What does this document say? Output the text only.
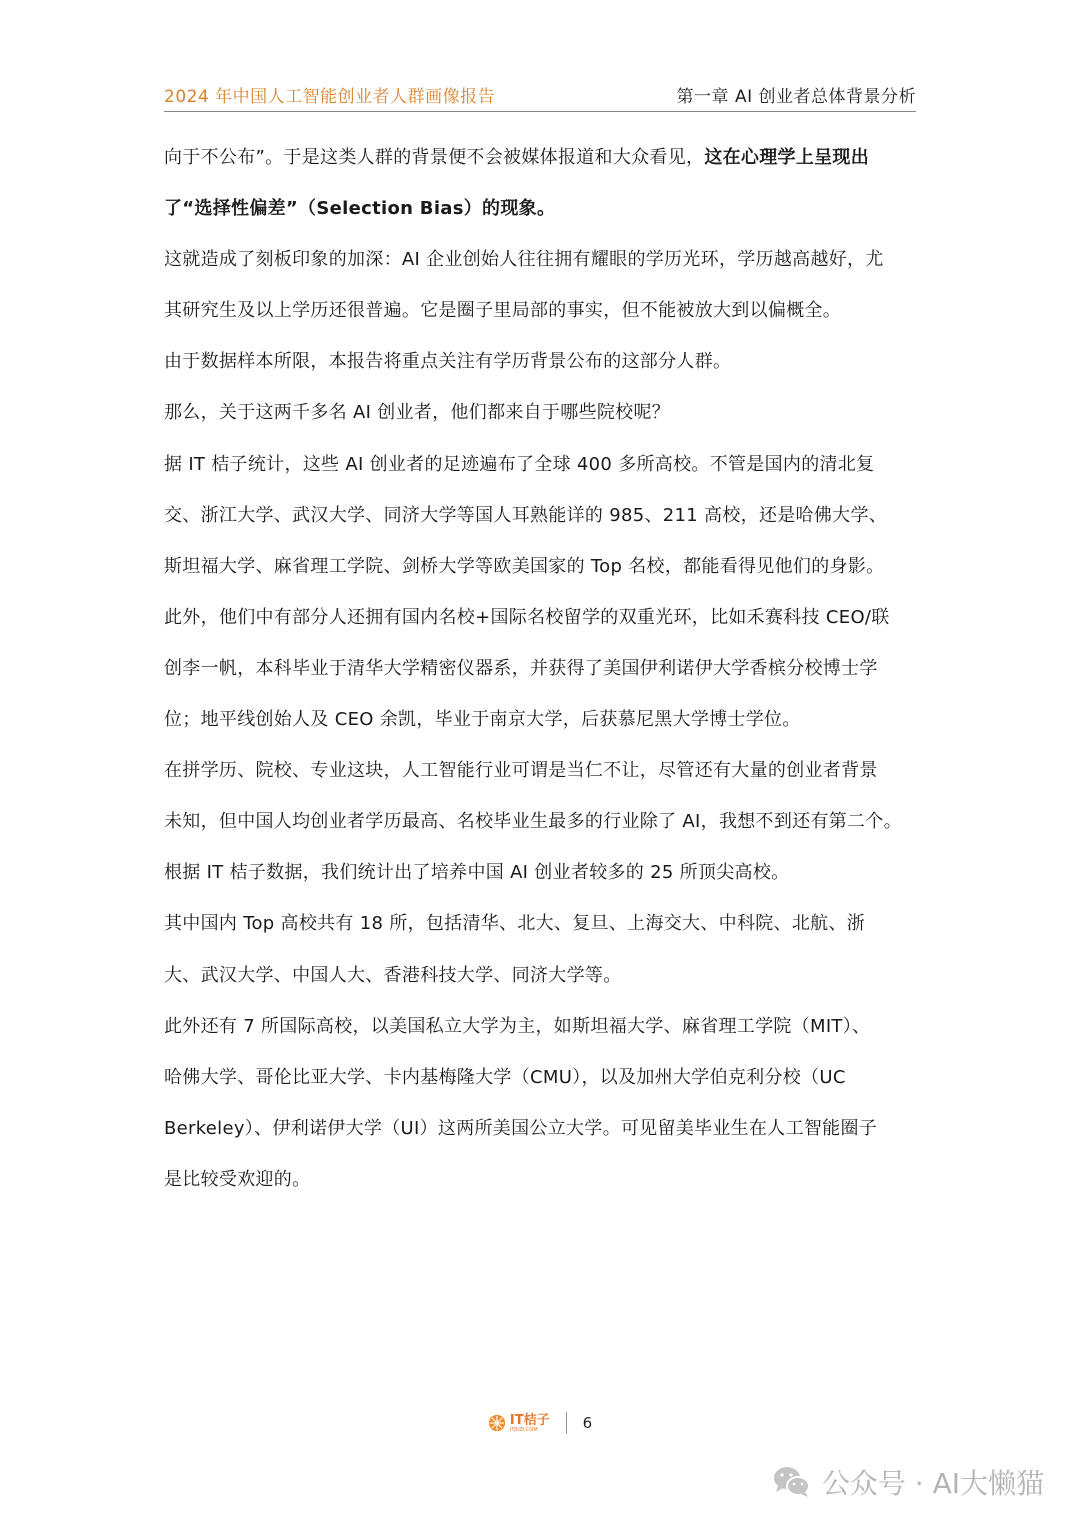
2024 年中国人工智能创业者人群画像报告	第一章 AI 创业者总体背景分析
向于不公布”。于是这类人群的背景便不会被媒体报道和大众看见，这在心理学上呈现出
了“选择性偏差”（Selection Bias）的现象。
这就造成了刻板印象的加深：AI 企业创始人往往拥有耀眼的学历光环，学历越高越好，尤
其研究生及以上学历还很普遍。它是圈子里局部的事实，但不能被放大到以偏概全。
由于数据样本所限，本报告将重点关注有学历背景公布的这部分人群。
那么，关于这两千多名 AI 创业者，他们都来自于哪些院校呢？
据 IT 桔子统计，这些 AI 创业者的足迹遍布了全球 400 多所高校。不管是国内的清北复
交、浙江大学、武汉大学、同济大学等国人耳熟能详的 985、211 高校，还是哈佛大学、
斯坦福大学、麻省理工学院、剑桥大学等欧美国家的 Top 名校，都能看得见他们的身影。
此外，他们中有部分人还拥有国内名校+国际名校留学的双重光环，比如禾赛科技 CEO/联
创李一帆，本科毕业于清华大学精密仪器系，并获得了美国伊利诺伊大学香槟分校博士学
位；地平线创始人及 CEO 余凯，毕业于南京大学，后获慕尼黑大学博士学位。
在拼学历、院校、专业这块，人工智能行业可谓是当仁不让，尽管还有大量的创业者背景
未知，但中国人均创业者学历最高、名校毕业生最多的行业除了 AI，我想不到还有第二个。
根据 IT 桔子数据，我们统计出了培养中国 AI 创业者较多的 25 所顶尖高校。
其中国内 Top 高校共有 18 所，包括清华、北大、复旦、上海交大、中科院、北航、浙
大、武汉大学、中国人大、香港科技大学、同济大学等。
此外还有 7 所国际高校，以美国私立大学为主，如斯坦福大学、麻省理工学院（MIT）、
哈佛大学、哥伦比亚大学、卡内基梅隆大学（CMU），以及加州大学伯克利分校（UC
Berkeley）、伊利诺伊大学（UI）这两所美国公立大学。可见留美毕业生在人工智能圈子
是比较受欢迎的。
IT桔子
ITJUZI.COM	6
公众号 · AI大懒猫
